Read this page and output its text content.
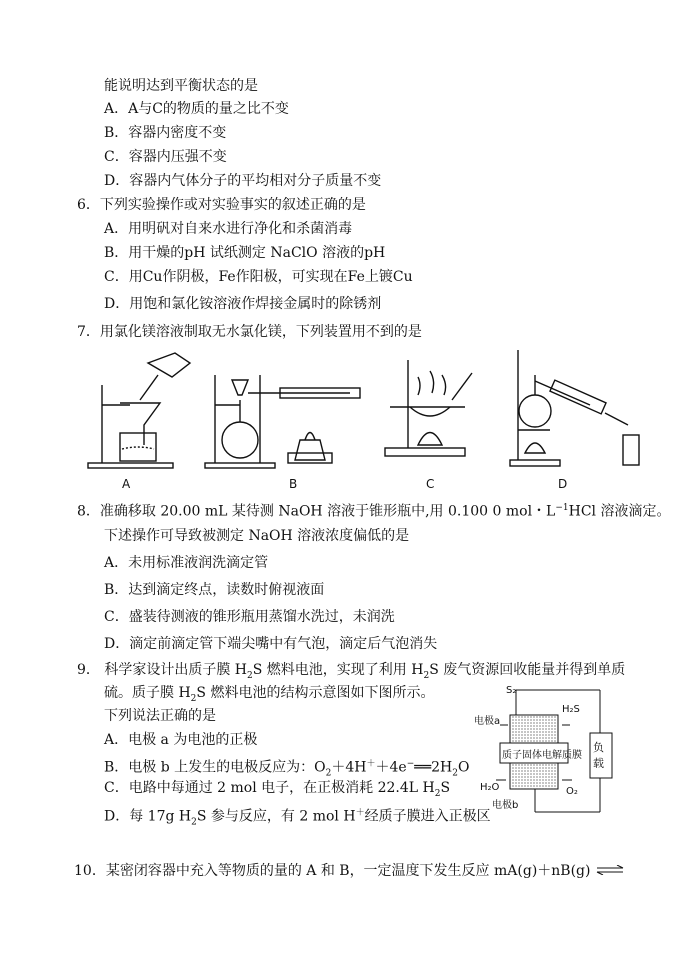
能说明达到平衡状态的是
A．A与C的物质的量之比不变
B．容器内密度不变
C．容器内压强不变
D．容器内气体分子的平均相对分子质量不变
6．下列实验操作或对实验事实的叙述正确的是
A．用明矾对自来水进行净化和杀菌消毒
B．用干燥的pH 试纸测定 NaClO 溶液的pH
C．用Cu作阴极，Fe作阳极，可实现在Fe上镀Cu
D．用饱和氯化铵溶液作焊接金属时的除锈剂
7．用氯化镁溶液制取无水氯化镁，下列装置用不到的是
A	B	C	D
8．准确移取 20.00 mL 某待测 NaOH 溶液于锥形瓶中,用 0.100 0 mol・$L^{-1}HCl$ 溶液滴定。
下述操作可导致被测定 NaOH 溶液浓度偏低的是
A．未用标准液润洗滴定管
B．达到滴定终点，读数时俯视液面
C．盛装待测液的锥形瓶用蒸馏水洗过，未润洗
D．滴定前滴定管下端尖嘴中有气泡，滴定后气泡消失
9． 科学家设计出质子膜 $H_2S$ 燃料电池，实现了利用 $H_2S$ 废气资源回收能量并得到单质
硫。质子膜 $H_2S$ 燃料电池的结构示意图如下图所示。
下列说法正确的是
A．电极 a 为电池的正极
B．电极 b 上发生的电极反应为：$O_2+4H^++4e^-══2H_2O$
C．电路中每通过 2 mol 电子，在正极消耗 22.4L $H_2S$
D．每 17g $H_2S$ 参与反应，有 2 mol H＋经质子膜进入正极区
S₂
H₂S
电极a
质子固体电解质膜
负载
H₂O	O₂
电极b
10．某密闭容器中充入等物质的量的 A 和 B，一定温度下发生反应 mA(g)＋nB(g) ⇌
